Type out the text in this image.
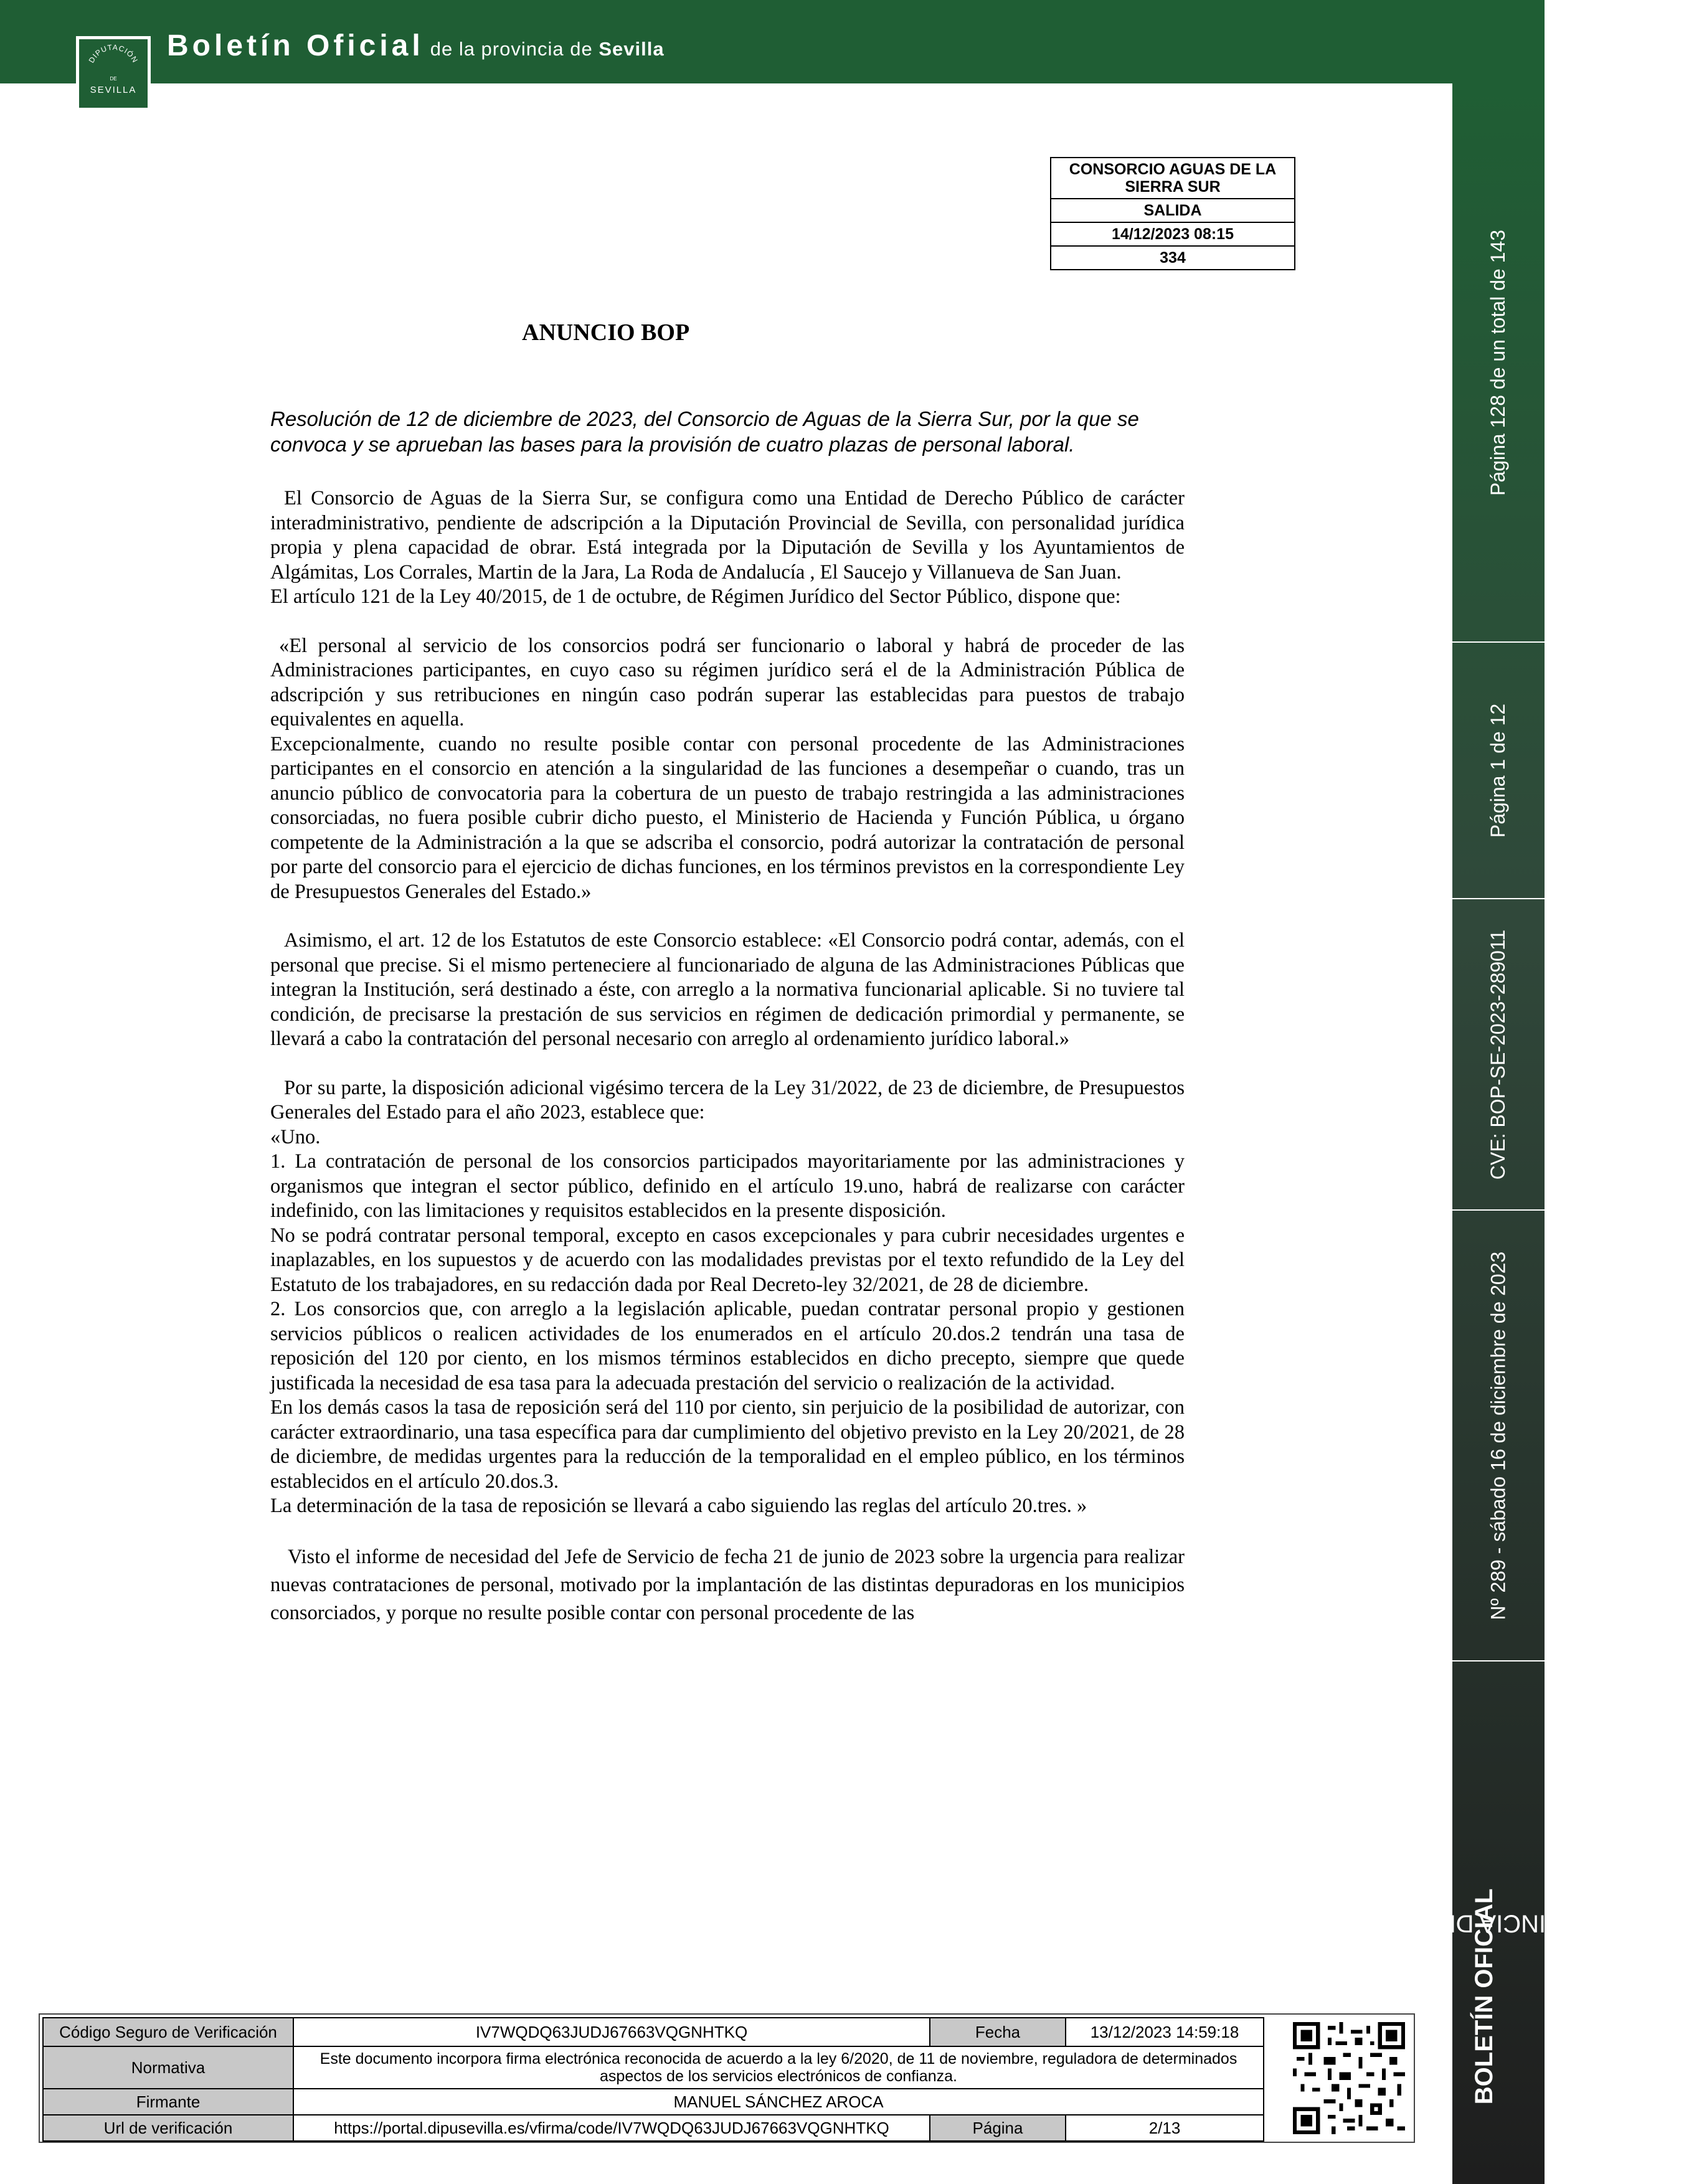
DIPUTACIÓN
DE
SEVILLA
Boletín Oficial de la provincia de Sevilla
Página 128 de un total de 143
Página 1 de 12
CVE: BOP-SE-2023-289011
Nº 289 - sábado 16 de diciembre de 2023
BOLETÍN OFICIAL
DE LA PROVINCIA DE SEVILLA
CONSORCIO AGUAS DE LA SIERRA SUR
SALIDA
14/12/2023 08:15
334
ANUNCIO BOP
Resolución de 12 de diciembre de 2023, del Consorcio de Aguas de la Sierra Sur, por la que se convoca y se aprueban las bases para la provisión de cuatro plazas de personal laboral.

El Consorcio de Aguas de la Sierra Sur, se configura como una Entidad de Derecho Público de carácter interadministrativo, pendiente de adscripción a la Diputación Provincial de Sevilla, con personalidad jurídica propia y plena capacidad de obrar. Está integrada por la Diputación de Sevilla y los Ayuntamientos de Algámitas, Los Corrales, Martin de la Jara, La Roda de Andalucía , El Saucejo y Villanueva de San Juan.

El artículo 121 de la Ley 40/2015, de 1 de octubre, de Régimen Jurídico del Sector Público, dispone que:

«El personal al servicio de los consorcios podrá ser funcionario o laboral y habrá de proceder de las Administraciones participantes, en cuyo caso su régimen jurídico será el de la Administración Pública de adscripción y sus retribuciones en ningún caso podrán superar las establecidas para puestos de trabajo equivalentes en aquella.

Excepcionalmente, cuando no resulte posible contar con personal procedente de las Administraciones participantes en el consorcio en atención a la singularidad de las funciones a desempeñar o cuando, tras un anuncio público de convocatoria para la cobertura de un puesto de trabajo restringida a las administraciones consorciadas, no fuera posible cubrir dicho puesto, el Ministerio de Hacienda y Función Pública, u órgano competente de la Administración a la que se adscriba el consorcio, podrá autorizar la contratación de personal por parte del consorcio para el ejercicio de dichas funciones, en los términos previstos en la correspondiente Ley de Presupuestos Generales del Estado.»

Asimismo, el art. 12 de los Estatutos de este Consorcio establece: «El Consorcio podrá contar, además, con el personal que precise. Si el mismo perteneciere al funcionariado de alguna de las Administraciones Públicas que integran la Institución, será destinado a éste, con arreglo a la normativa funcionarial aplicable. Si no tuviere tal condición, de precisarse la prestación de sus servicios en régimen de dedicación primordial y permanente, se llevará a cabo la contratación del personal necesario con arreglo al ordenamiento jurídico laboral.»

Por su parte, la disposición adicional vigésimo tercera de la Ley 31/2022, de 23 de diciembre, de Presupuestos Generales del Estado para el año 2023, establece que:

«Uno.

1. La contratación de personal de los consorcios participados mayoritariamente por las administraciones y organismos que integran el sector público, definido en el artículo 19.uno, habrá de realizarse con carácter indefinido, con las limitaciones y requisitos establecidos en la presente disposición.

No se podrá contratar personal temporal, excepto en casos excepcionales y para cubrir necesidades urgentes e inaplazables, en los supuestos y de acuerdo con las modalidades previstas por el texto refundido de la Ley del Estatuto de los trabajadores, en su redacción dada por Real Decreto-ley 32/2021, de 28 de diciembre.

2. Los consorcios que, con arreglo a la legislación aplicable, puedan contratar personal propio y gestionen servicios públicos o realicen actividades de los enumerados en el artículo 20.dos.2 tendrán una tasa de reposición del 120 por ciento, en los mismos términos establecidos en dicho precepto, siempre que quede justificada la necesidad de esa tasa para la adecuada prestación del servicio o realización de la actividad.

En los demás casos la tasa de reposición será del 110 por ciento, sin perjuicio de la posibilidad de autorizar, con carácter extraordinario, una tasa específica para dar cumplimiento del objetivo previsto en la Ley 20/2021, de 28 de diciembre, de medidas urgentes para la reducción de la temporalidad en el empleo público, en los términos establecidos en el artículo 20.dos.3.

La determinación de la tasa de reposición se llevará a cabo siguiendo las reglas del artículo 20.tres. »

Visto el informe de necesidad del Jefe de Servicio de fecha 21 de junio de 2023 sobre la urgencia para realizar nuevas contrataciones de personal, motivado por la implantación de las distintas depuradoras en los municipios consorciados, y porque no resulte posible contar con personal procedente de las

Código Seguro de Verificación	IV7WQDQ63JUDJ67663VQGNHTKQ	Fecha	13/12/2023 14:59:18
Normativa	Este documento incorpora firma electrónica reconocida de acuerdo a la ley 6/2020, de 11 de noviembre, reguladora de determinados aspectos de los servicios electrónicos de confianza.		
Firmante	MANUEL SÁNCHEZ AROCA		
Url de verificación	https://portal.dipusevilla.es/vfirma/code/IV7WQDQ63JUDJ67663VQGNHTKQ	Página	2/13
